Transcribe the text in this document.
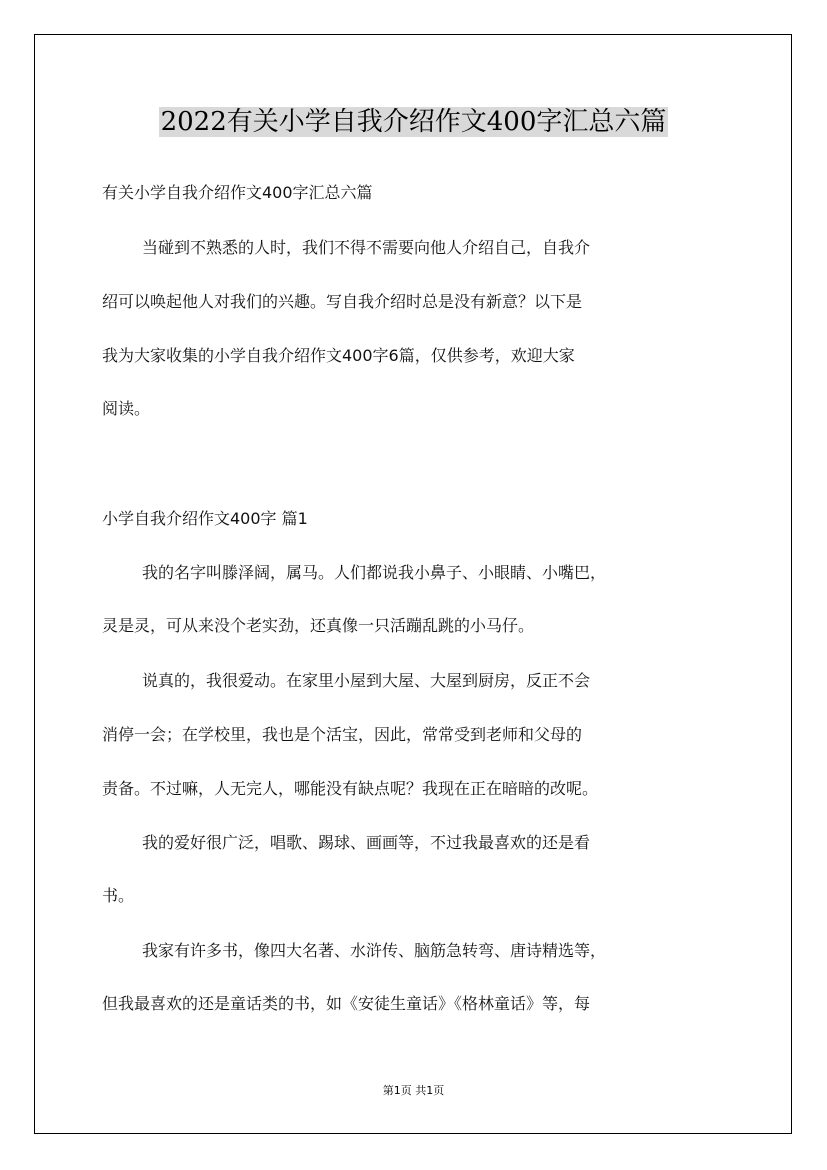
2022有关小学自我介绍作文400字汇总六篇
有关小学自我介绍作文400字汇总六篇
当碰到不熟悉的人时，我们不得不需要向他人介绍自己，自我介
绍可以唤起他人对我们的兴趣。写自我介绍时总是没有新意？以下是
我为大家收集的小学自我介绍作文400字6篇，仅供参考，欢迎大家
阅读。
小学自我介绍作文400字 篇1
我的名字叫滕泽阔，属马。人们都说我小鼻子、小眼睛、小嘴巴，
灵是灵，可从来没个老实劲，还真像一只活蹦乱跳的小马仔。
说真的，我很爱动。在家里小屋到大屋、大屋到厨房，反正不会
消停一会；在学校里，我也是个活宝，因此，常常受到老师和父母的
责备。不过嘛，人无完人，哪能没有缺点呢？我现在正在暗暗的改呢。
我的爱好很广泛，唱歌、踢球、画画等，不过我最喜欢的还是看
书。
我家有许多书，像四大名著、水浒传、脑筋急转弯、唐诗精选等，
但我最喜欢的还是童话类的书，如《安徒生童话》《格林童话》等，每
第1页 共1页
